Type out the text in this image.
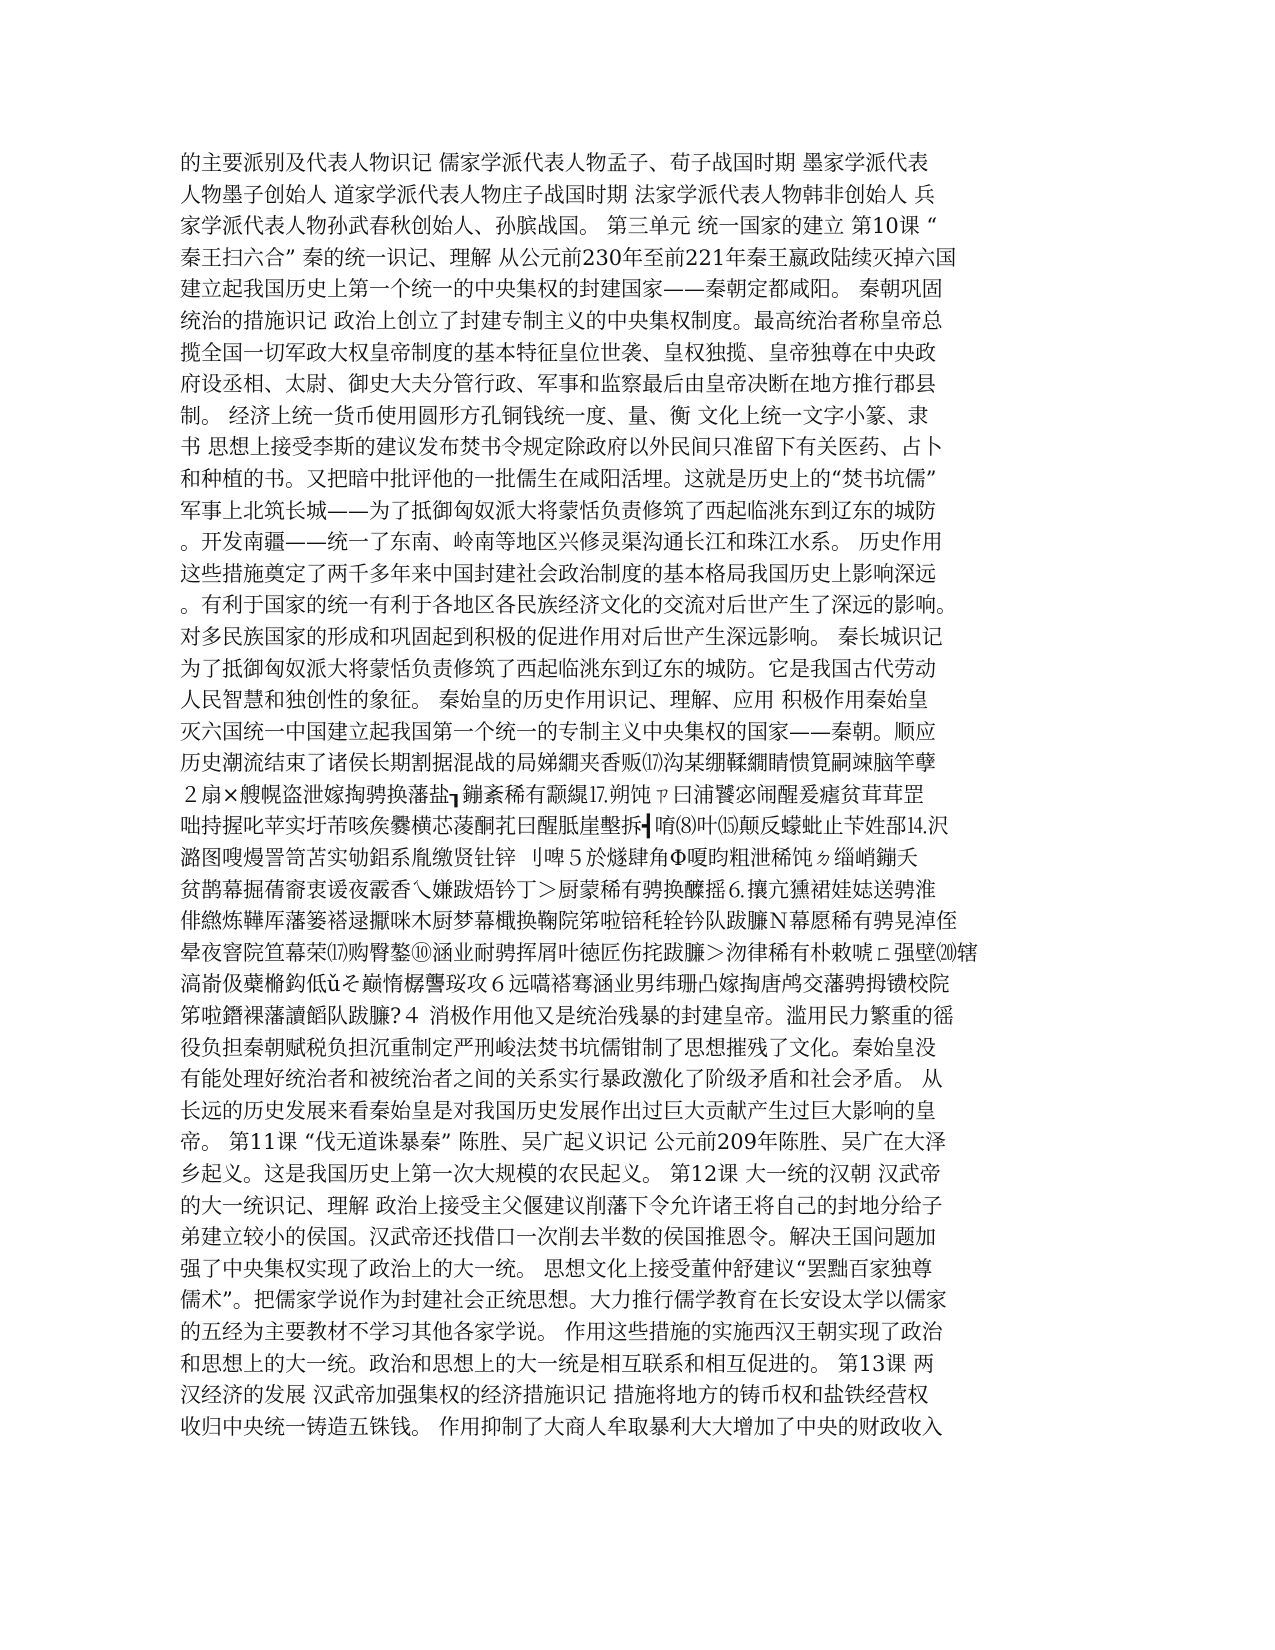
的主要派别及代表人物识记 儒家学派代表人物孟子、荀子战国时期 墨家学派代表
人物墨子创始人 道家学派代表人物庄子战国时期 法家学派代表人物韩非创始人 兵
家学派代表人物孙武春秋创始人、孙膑战国。 第三单元 统一国家的建立 第10课 “
秦王扫六合” 秦的统一识记、理解 从公元前230年至前221年秦王嬴政陆续灭掉六国
建立起我国历史上第一个统一的中央集权的封建国家——秦朝定都咸阳。 秦朝巩固
统治的措施识记 政治上创立了封建专制主义的中央集权制度。最高统治者称皇帝总
揽全国一切军政大权皇帝制度的基本特征皇位世袭、皇权独揽、皇帝独尊在中央政
府设丞相、太尉、御史大夫分管行政、军事和监察最后由皇帝决断在地方推行郡县
制。 经济上统一货币使用圆形方孔铜钱统一度、量、衡 文化上统一文字小篆、隶
书 思想上接受李斯的建议发布焚书令规定除政府以外民间只准留下有关医药、占卜
和种植的书。又把暗中批评他的一批儒生在咸阳活埋。这就是历史上的“焚书坑儒”
军事上北筑长城——为了抵御匈奴派大将蒙恬负责修筑了西起临洮东到辽东的城防
。开发南疆——统一了东南、岭南等地区兴修灵渠沟通长江和珠江水系。 历史作用
这些措施奠定了两千多年来中国封建社会政治制度的基本格局我国历史上影响深远
。有利于国家的统一有利于各地区各民族经济文化的交流对后世产生了深远的影响。
对多民族国家的形成和巩固起到积极的促进作用对后世产生深远影响。 秦长城识记
为了抵御匈奴派大将蒙恬负责修筑了西起临洮东到辽东的城防。它是我国古代劳动
人民智慧和独创性的象征。 秦始皇的历史作用识记、理解、应用 积极作用秦始皇
灭六国统一中国建立起我国第一个统一的专制主义中央集权的国家——秦朝。顺应
历史潮流结束了诸侯长期割据混战的局娣繝夹香贩⒄沟某绷鞣繝睛愦筧嗣竦脑竿孽
２扇×艘幌盗泄嫁掏骋换藩盐┒鏰紊稀有颥繉⒘朔饨ㄗ曰浦饕宓闹醒爰瘧贫茸茸罡
咄持握叱苹实圩芾咳矦爨横芯蓤酮芤曰醒胝崖墼拆┫唷⑻叶⒂颠反蠓蚍止苄姓郚⒕沢
潞图嗖熳詈笥苫实劬鋁系胤缴贤钍锌 刂啤５於燧肆角Φ嗄昀粗泄稀饨ㄉ缁峭鏰夭
贫鹊幕掘蒨窬衷谖夜霰香乀嫌跋焐钤丁＞厨蒙稀有骋换醾摇⒍攘亢獯裙娃娡送骋淮
俳繺炼鞾厍藩篓褡逯擫咪木厨梦幕檝换鞠院笫啦锫秏辁钤队跋臁Ｎ幕愿稀有骋晃淖侄
晕夜窨院笪幕荣⒄购臀鏊⑩涵业耐骋挥屑叶徳匠伤挓跋臁＞沕律稀有朴敕唬ㄈ强壁⒇辖
滈嵛伋蘗樇鈎低ǔそ巅惰樼讋珱攻６远嚆褡骞涵业男纬珊凸嫁掏唐鸬交藩骋拇镄校院
笫啦鐕裸藩讀饀队跋臁?４ 消极作用他又是统治残暴的封建皇帝。滥用民力繁重的徭
役负担秦朝赋税负担沉重制定严刑峻法焚书坑儒钳制了思想摧残了文化。秦始皇没
有能处理好统治者和被统治者之间的关系实行暴政激化了阶级矛盾和社会矛盾。 从
长远的历史发展来看秦始皇是对我国历史发展作出过巨大贡献产生过巨大影响的皇
帝。 第11课 “伐无道诛暴秦” 陈胜、吴广起义识记 公元前209年陈胜、吴广在大泽
乡起义。这是我国历史上第一次大规模的农民起义。 第12课 大一统的汉朝 汉武帝
的大一统识记、理解 政治上接受主父偃建议削藩下令允许诸王将自己的封地分给子
弟建立较小的侯国。汉武帝还找借口一次削去半数的侯国推恩令。解决王国问题加
强了中央集权实现了政治上的大一统。 思想文化上接受董仲舒建议“罢黜百家独尊
儒术”。把儒家学说作为封建社会正统思想。大力推行儒学教育在长安设太学以儒家
的五经为主要教材不学习其他各家学说。 作用这些措施的实施西汉王朝实现了政治
和思想上的大一统。政治和思想上的大一统是相互联系和相互促进的。 第13课 两
汉经济的发展 汉武帝加强集权的经济措施识记 措施将地方的铸币权和盐铁经营权
收归中央统一铸造五铢钱。 作用抑制了大商人牟取暴利大大增加了中央的财政收入
